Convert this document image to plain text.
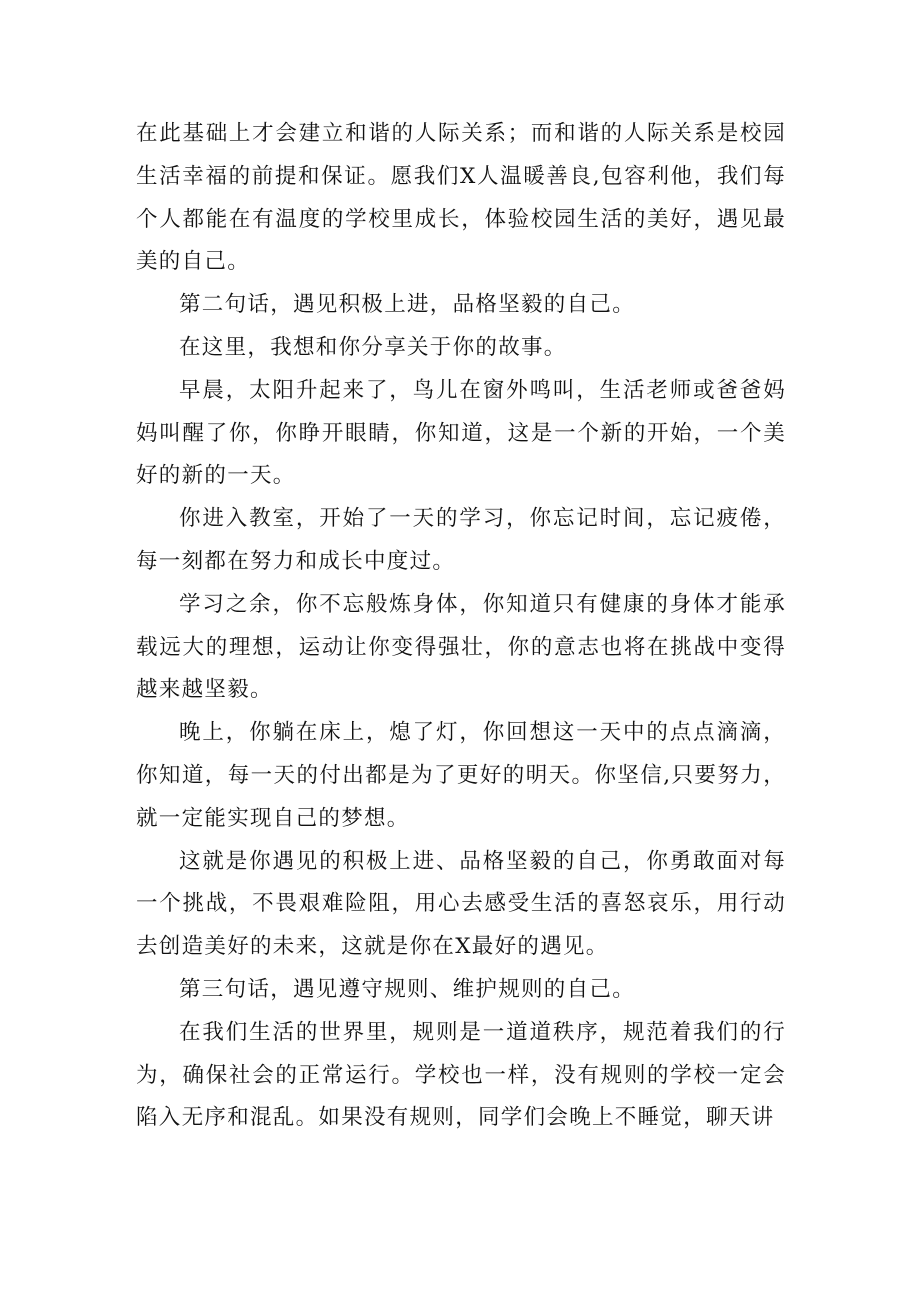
在此基础上才会建立和谐的人际关系；而和谐的人际关系是校园生活幸福的前提和保证。愿我们X人温暖善良,包容利他，我们每个人都能在有温度的学校里成长，体验校园生活的美好，遇见最美的自己。

第二句话，遇见积极上进，品格坚毅的自己。

在这里，我想和你分享关于你的故事。

早晨，太阳升起来了，鸟儿在窗外鸣叫，生活老师或爸爸妈妈叫醒了你，你睁开眼睛，你知道，这是一个新的开始，一个美好的新的一天。

你进入教室，开始了一天的学习，你忘记时间，忘记疲倦，每一刻都在努力和成长中度过。

学习之余，你不忘般炼身体，你知道只有健康的身体才能承载远大的理想，运动让你变得强壮，你的意志也将在挑战中变得越来越坚毅。

晚上，你躺在床上，熄了灯，你回想这一天中的点点滴滴，你知道，每一天的付出都是为了更好的明天。你坚信,只要努力，就一定能实现自己的梦想。

这就是你遇见的积极上进、品格坚毅的自己，你勇敢面对每一个挑战，不畏艰难险阻，用心去感受生活的喜怒哀乐，用行动去创造美好的未来，这就是你在X最好的遇见。

第三句话，遇见遵守规则、维护规则的自己。

在我们生活的世界里，规则是一道道秩序，规范着我们的行为，确保社会的正常运行。学校也一样，没有规则的学校一定会陷入无序和混乱。如果没有规则，同学们会晚上不睡觉，聊天讲
